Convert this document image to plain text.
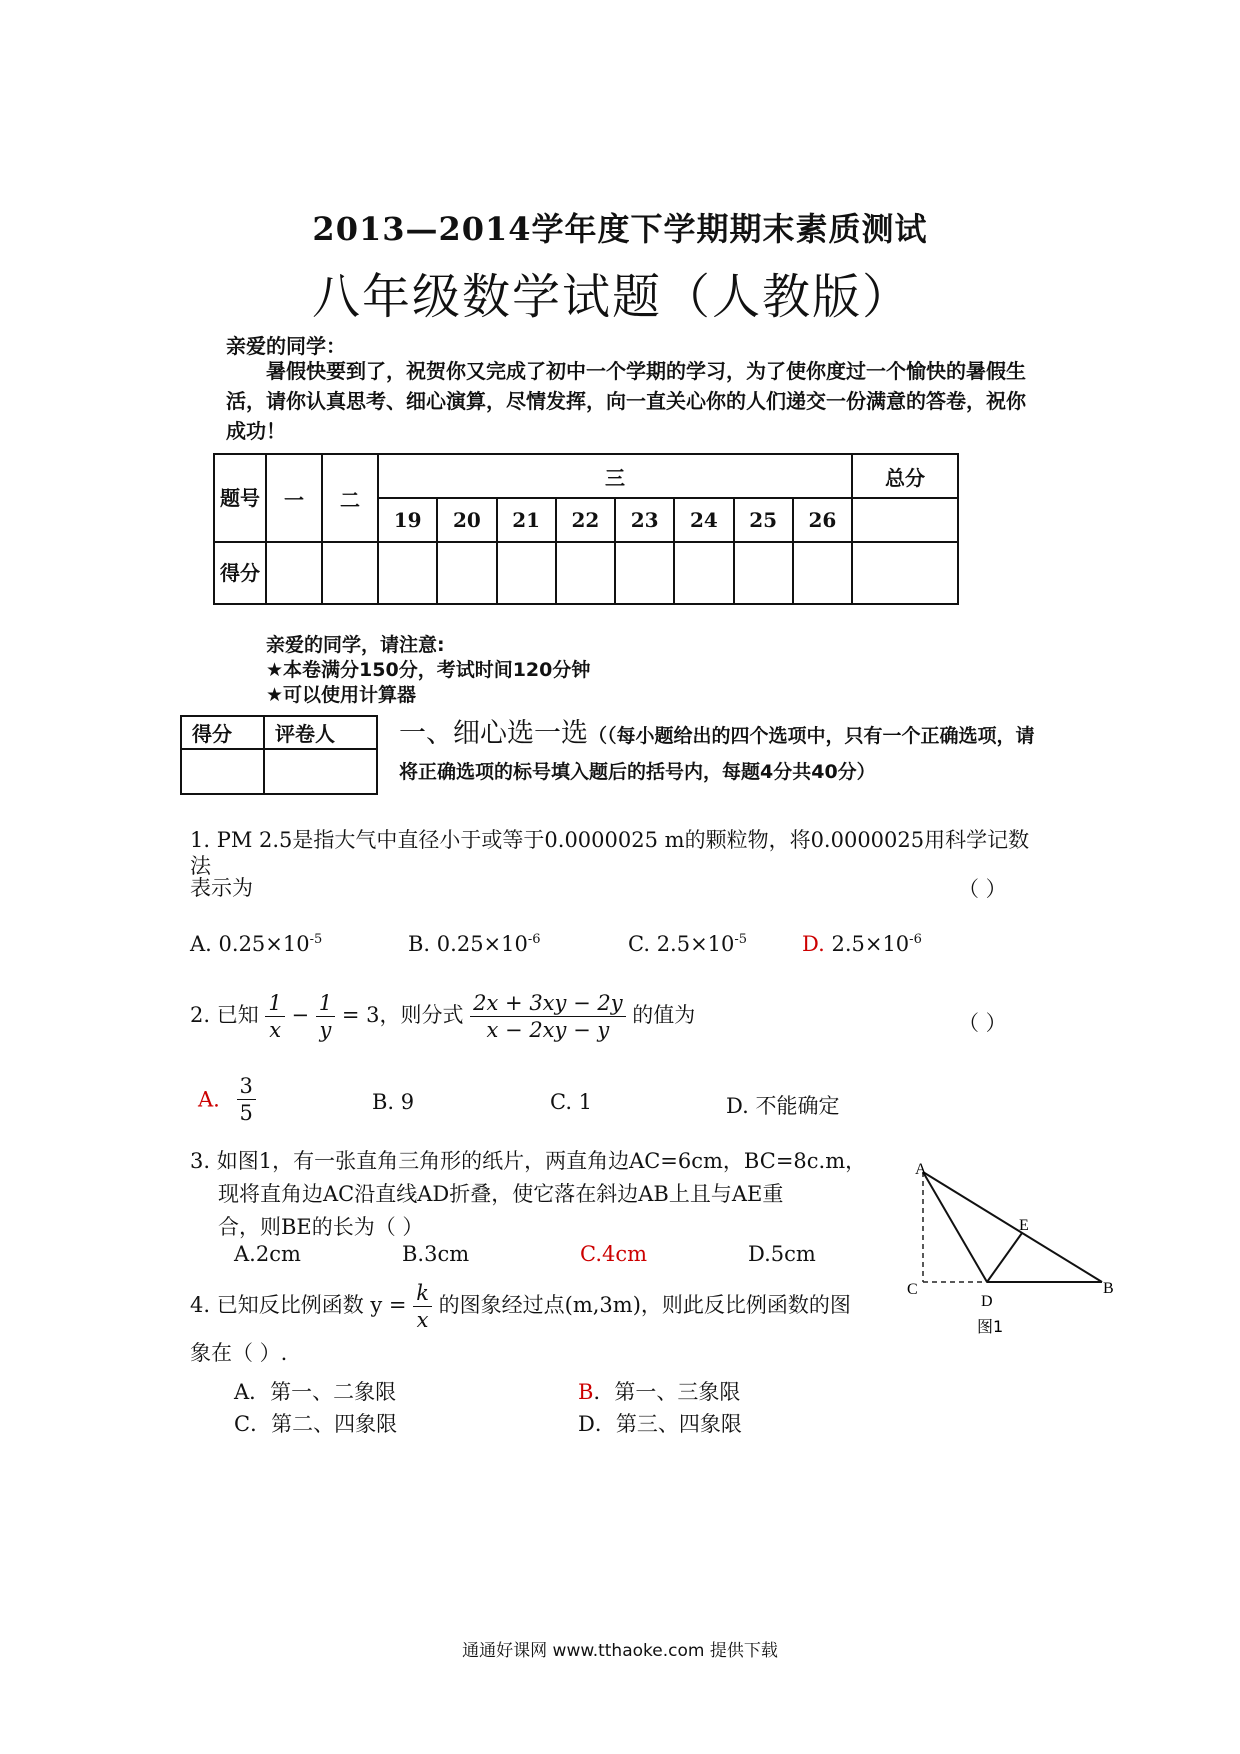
2013—2014学年度下学期期末素质测试
八年级数学试题（人教版）
亲爱的同学：
暑假快要到了，祝贺你又完成了初中一个学期的学习，为了使你度过一个愉快的暑假生活，请你认真思考、细心演算，尽情发挥，向一直关心你的人们递交一份满意的答卷，祝你成功！
题号	一	二	三								总分
			19	20	21	22	23	24	25	26	
得分											
亲爱的同学，请注意:
★本卷满分150分，考试时间120分钟
★可以使用计算器
得分	评卷人
	一、细心选一选（（每小题给出的四个选项中，只有一个正确选项，请将正确选项的标号填入题后的括号内，每题4分共40分）
1. PM 2.5是指大气中直径小于或等于0.0000025 m的颗粒物，将0.0000025用科学记数法
表示为	（ ）
A. $0.25\times 10^{-5}$	B. $0.25\times 10^{-6}$	C. $2.5\times 10^{-5}$	D. $2.5\times 10^{-6}$
2. 已知 $\frac{1}{x} - \frac{1}{y} = 3$，则分式 $\frac{2x + 3xy - 2y}{x - 2xy - y}$ 的值为	（ ）
A. $\frac{3}{5}$	B. 9	C. 1	D. 不能确定
3. 如图1，有一张直角三角形的纸片，两直角边AC=6cm，BC=8c.m，
现将直角边AC沿直线AD折叠，使它落在斜边AB上且与AE重
合，则BE的长为（ ）
A.2cm	B.3cm	C.4cm	D.5cm
A
B
C
D
E
图1
4. 已知反比例函数 $y = \frac{k}{x}$ 的图象经过点(m,3m)，则此反比例函数的图
象在（ ）.
A．第一、二象限	B．第一、三象限
C．第二、四象限	D．第三、四象限
通通好课网 www.tthaoke.com 提供下载
